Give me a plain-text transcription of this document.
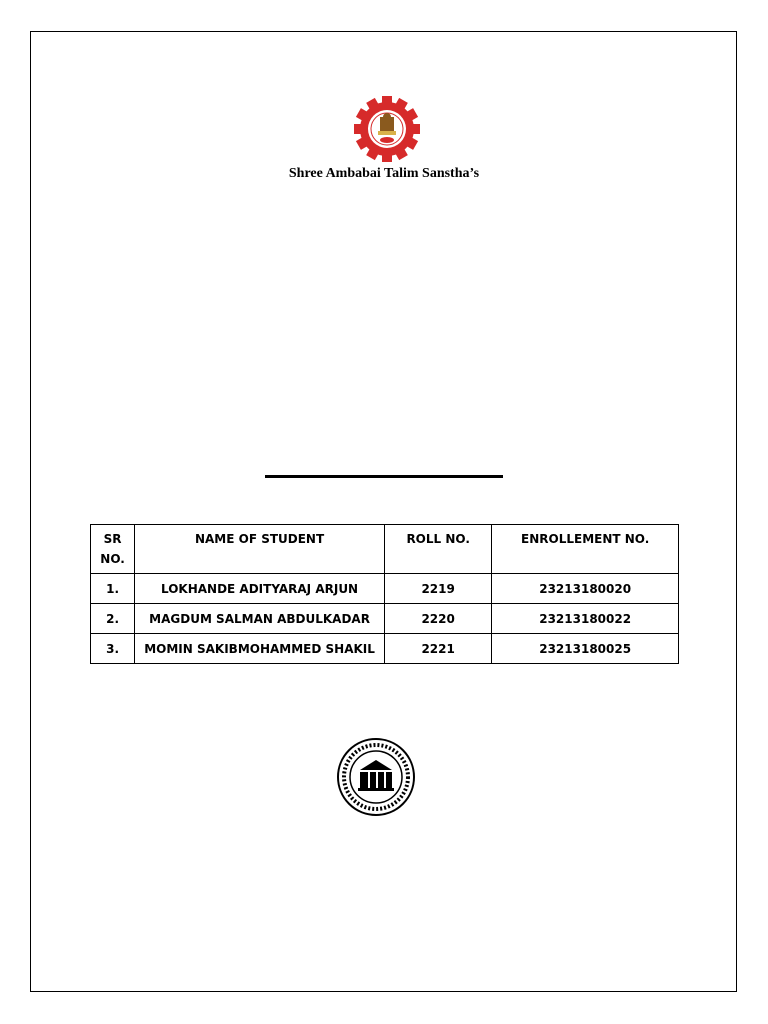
Shree Ambabai Talim Sanstha’s
SR NO.	NAME OF STUDENT	ROLL NO.	ENROLLEMENT NO.
1.	LOKHANDE ADITYARAJ ARJUN	2219	23213180020
2.	MAGDUM SALMAN ABDULKADAR	2220	23213180022
3.	MOMIN SAKIBMOHAMMED SHAKIL	2221	23213180025
